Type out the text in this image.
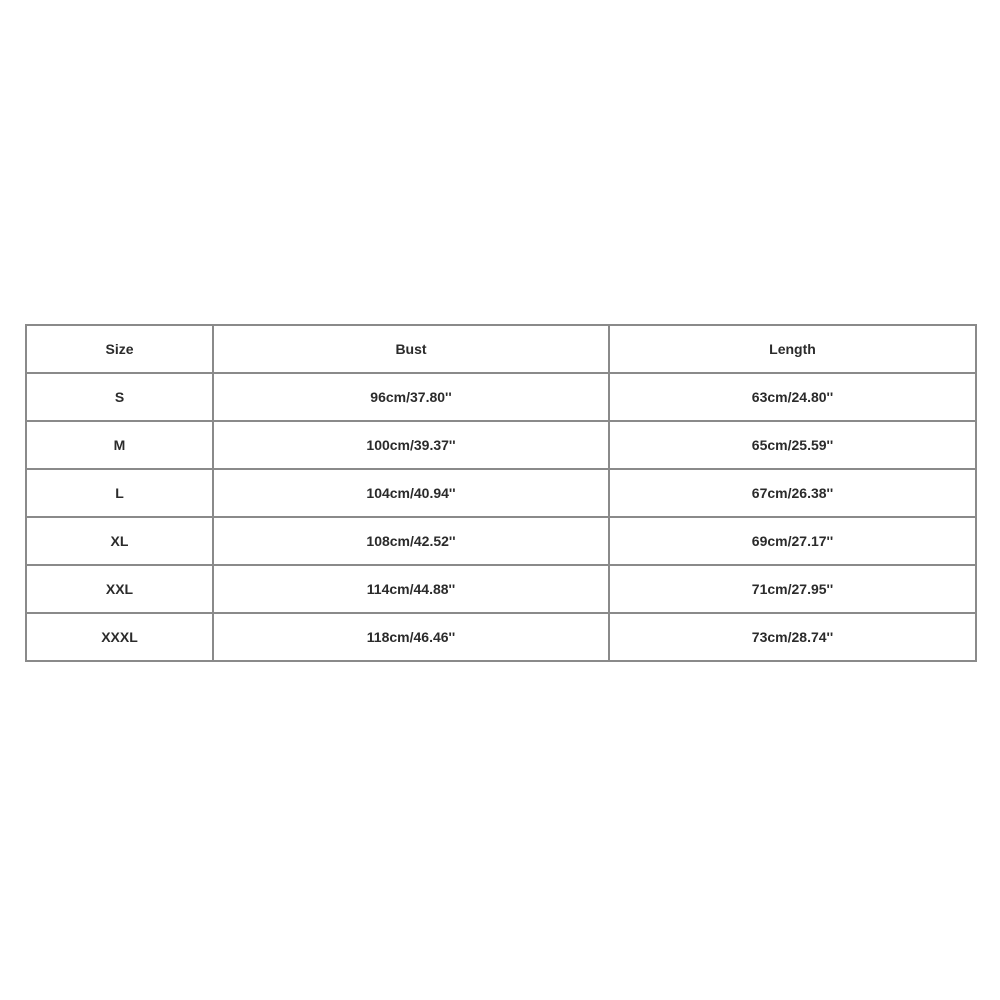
Size	Bust	Length
S	96cm/37.80''	63cm/24.80''
M	100cm/39.37''	65cm/25.59''
L	104cm/40.94''	67cm/26.38''
XL	108cm/42.52''	69cm/27.17''
XXL	114cm/44.88''	71cm/27.95''
XXXL	118cm/46.46''	73cm/28.74''
